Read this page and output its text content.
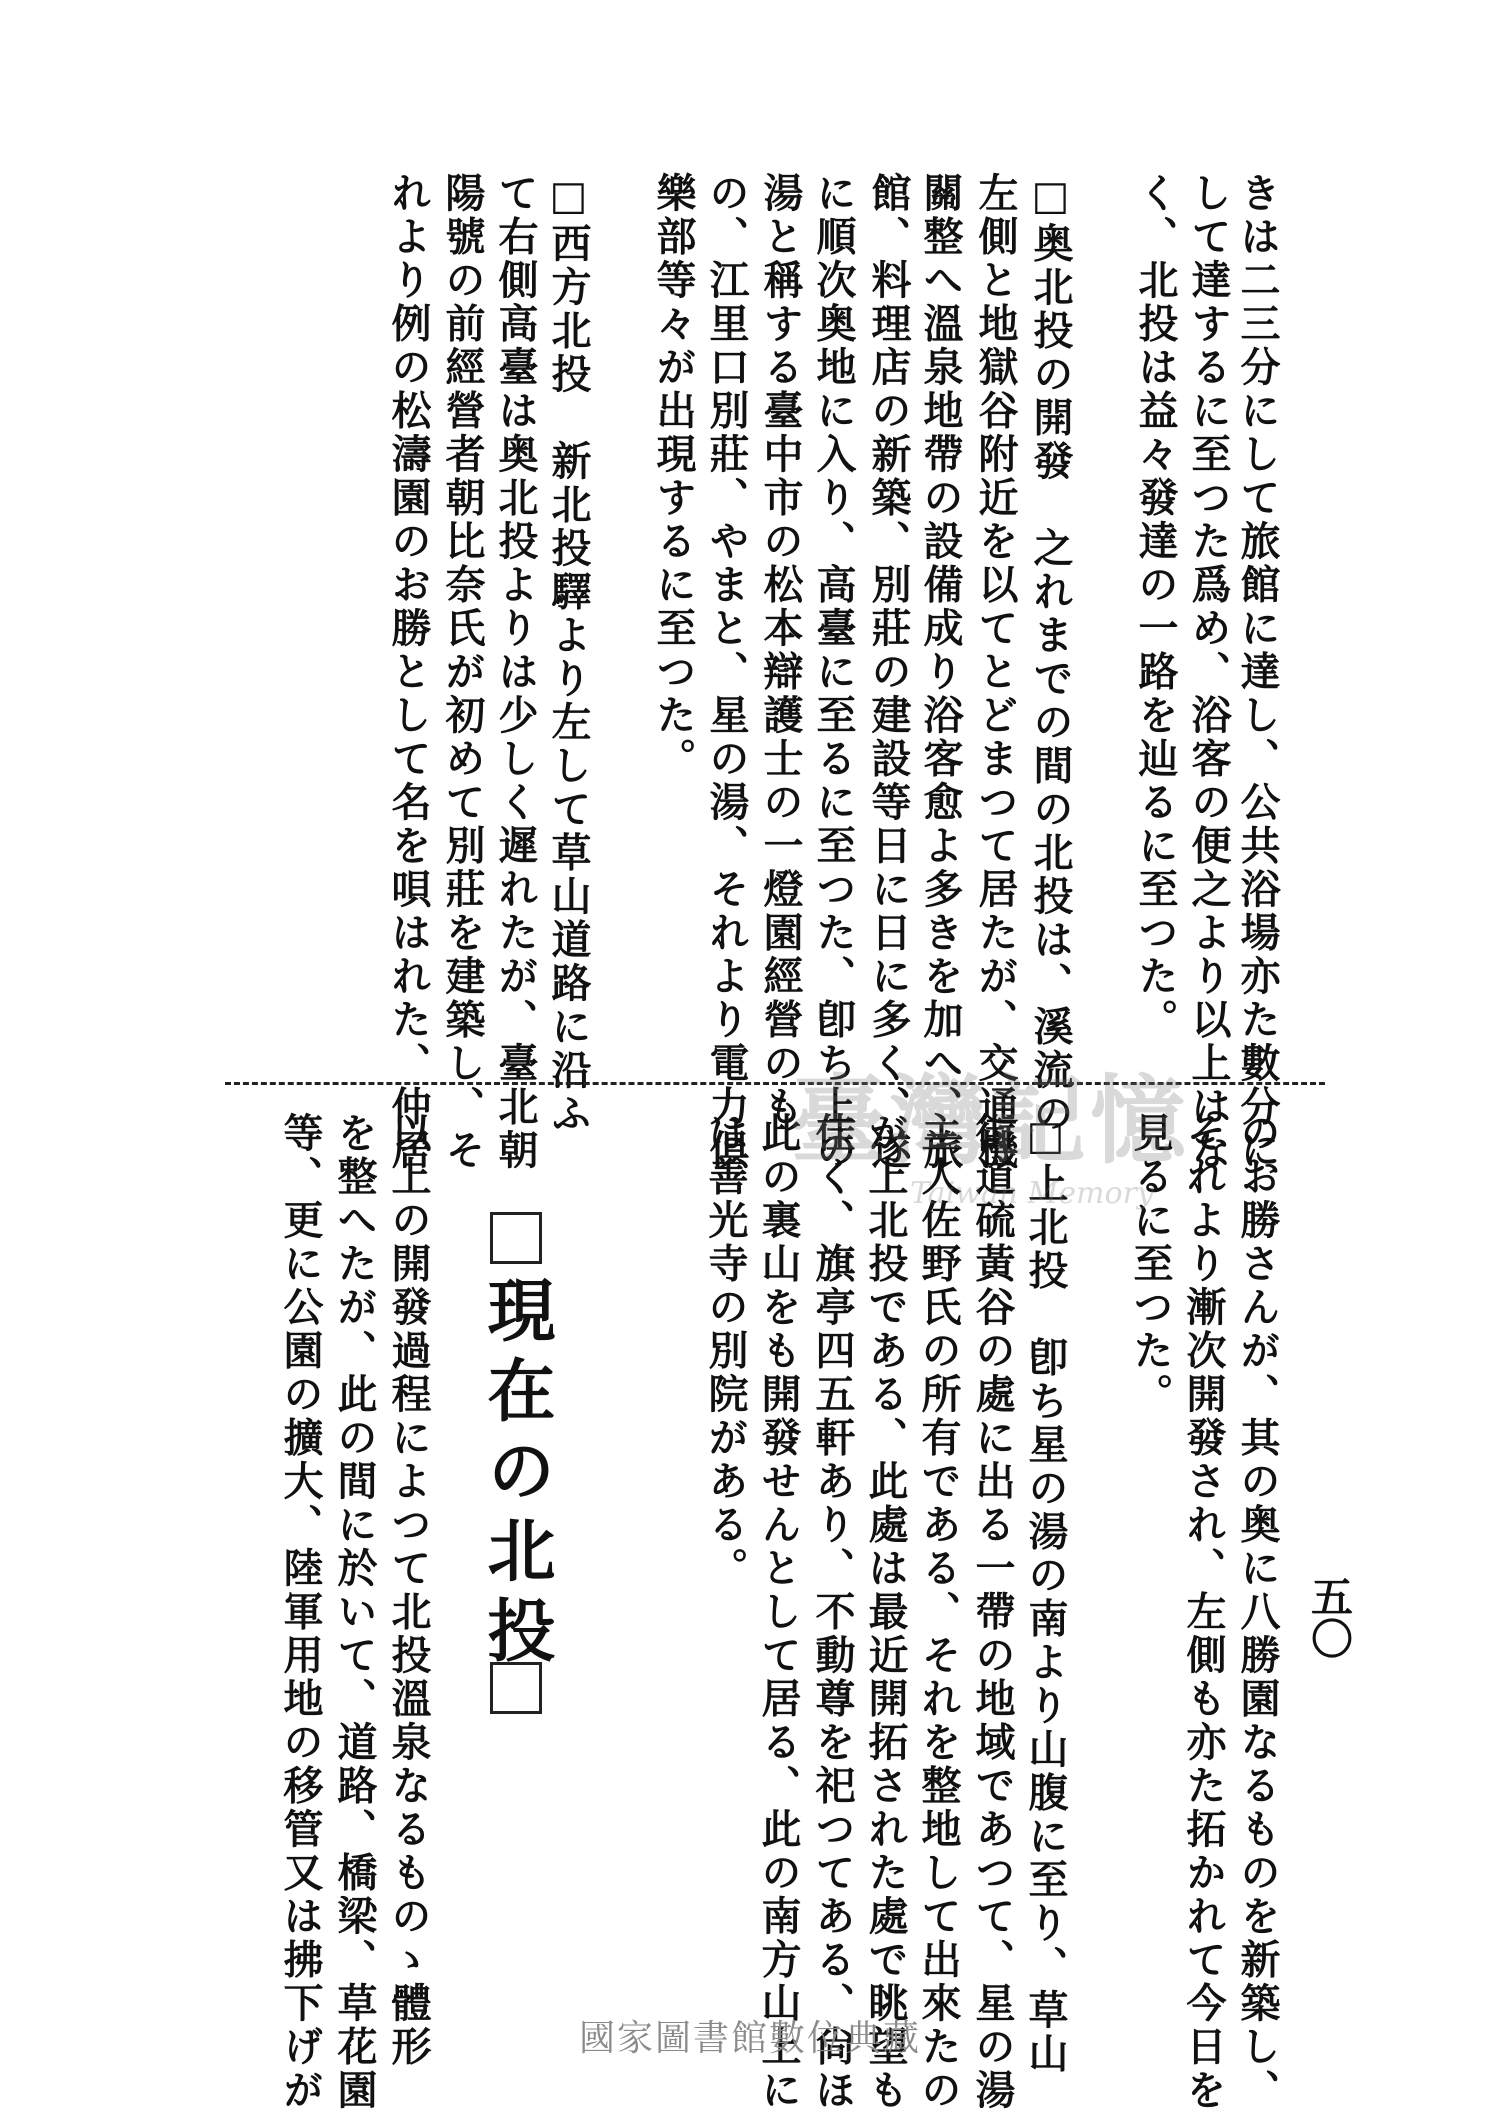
きは二三分にして旅館に達し、公共浴場亦た數分に
して達するに至つた爲め、浴客の便之より以上はな
く、北投は益々發達の一路を辿るに至つた。
□奥北投の開發　之れまでの間の北投は、溪流の
左側と地獄谷附近を以てとどまつて居たが、交通機
關整へ溫泉地帶の設備成り浴客愈よ多きを加へ、旅
館、料理店の新築、別莊の建設等日に日に多く、遂
に順次奥地に入り、高臺に至るに至つた、卽ち上の
湯と稱する臺中市の松本辯護士の一燈園經營のも
の、江里口別莊、やまと、星の湯、それより電力俱
樂部等々が出現するに至つた。
□西方北投　新北投驛より左して草山道路に沿ふ
て右側高臺は奥北投よりは少しく遲れたが、臺北朝
陽號の前經營者朝比奈氏が初めて別莊を建築し、そ
れより例の松濤園のお勝として名を唄はれた、仲居
五〇
のお勝さんが、其の奥に八勝園なるものを新築し、
それより漸次開發され、左側も亦た拓かれて今日を
見るに至つた。
□上北投　卽ち星の湯の南より山腹に至り、草山
街道硫黃谷の處に出る一帶の地域であつて、星の湯
主人佐野氏の所有である、それを整地して出來たの
が上北投である、此處は最近開拓された處で眺望も
佳く、旗亭四五軒あり、不動尊を祀つてある、尙ほ
此の裏山をも開發せんとして居る、此の南方山上に
は善光寺の別院がある。
現在の北投
以上の開發過程によつて北投溫泉なるものゝ體形
を整へたが、此の間に於いて、道路、橋梁、草花園
等、更に公園の擴大、陸軍用地の移管又は拂下げが	臺灣記憶
Taiwan Memory
國家圖書館數位典藏
